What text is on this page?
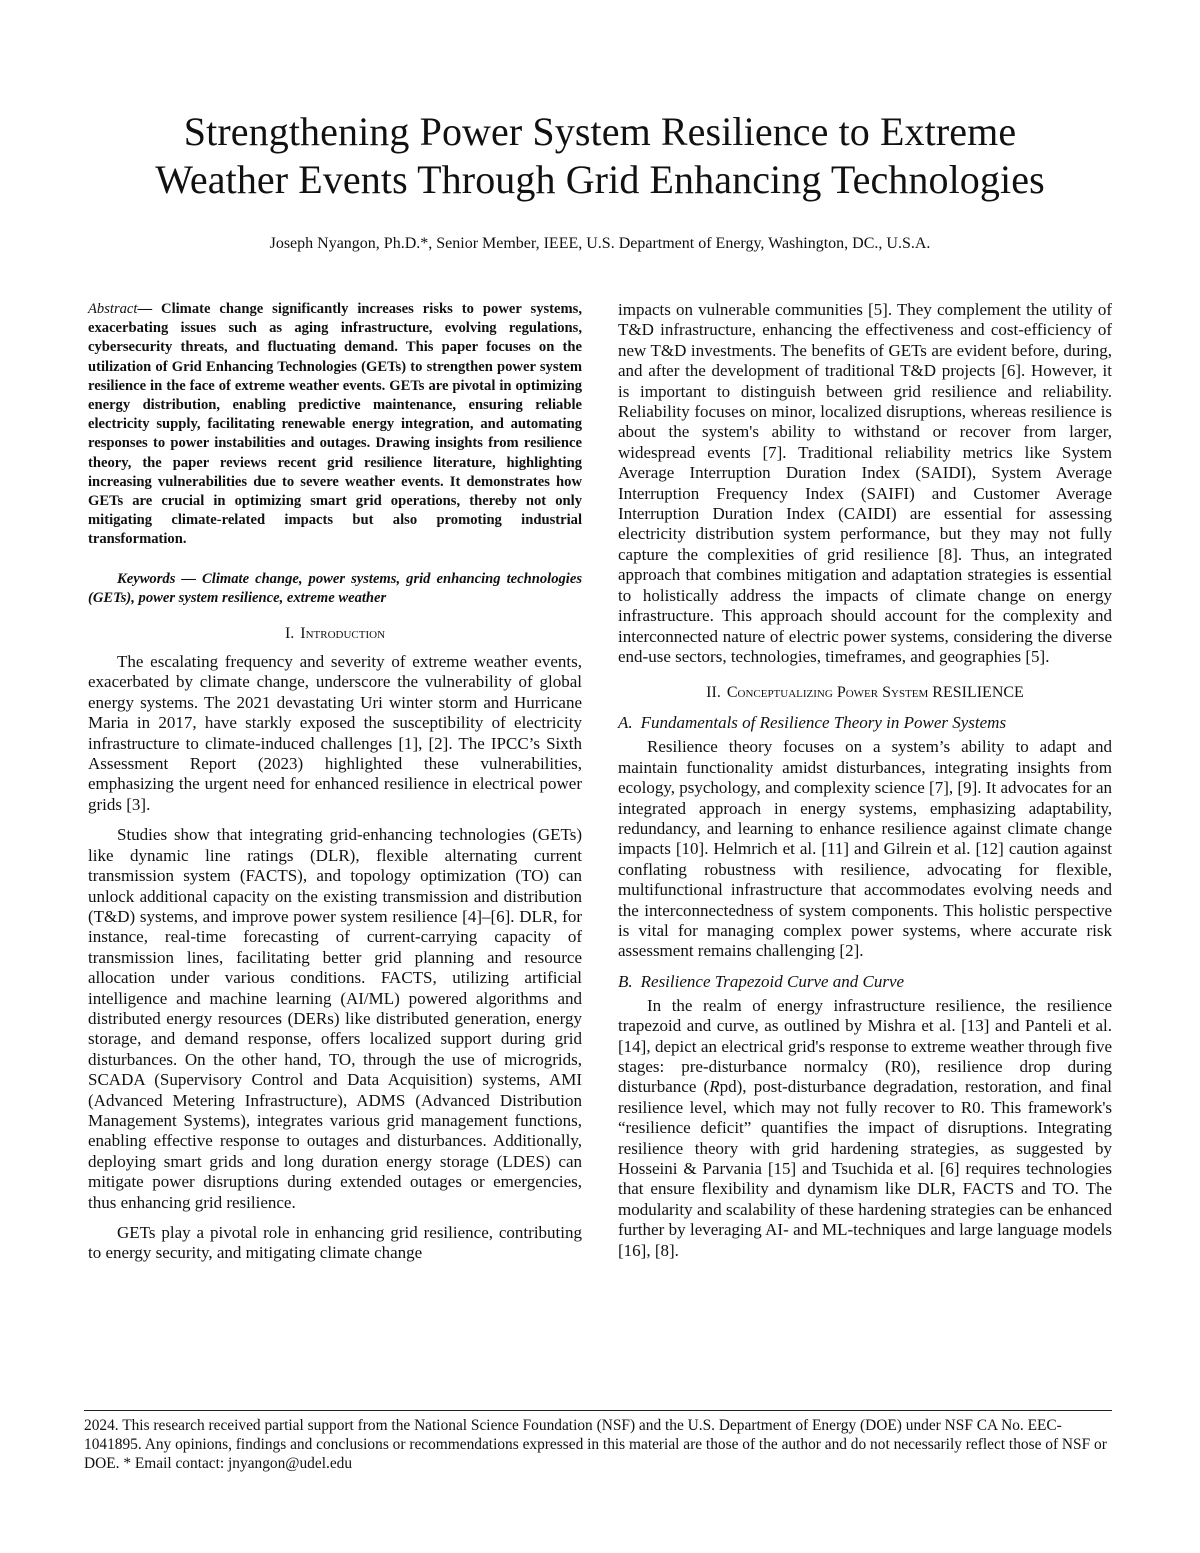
Strengthening Power System Resilience to Extreme
Weather Events Through Grid Enhancing Technologies
Joseph Nyangon, Ph.D.*, Senior Member, IEEE, U.S. Department of Energy, Washington, DC., U.S.A.

Abstract— Climate change significantly increases risks to power systems, exacerbating issues such as aging infrastructure, evolving regulations, cybersecurity threats, and fluctuating demand. This paper focuses on the utilization of Grid Enhancing Technologies (GETs) to strengthen power system resilience in the face of extreme weather events. GETs are pivotal in optimizing energy distribution, enabling predictive maintenance, ensuring reliable electricity supply, facilitating renewable energy integration, and automating responses to power instabilities and outages. Drawing insights from resilience theory, the paper reviews recent grid resilience literature, highlighting increasing vulnerabilities due to severe weather events. It demonstrates how GETs are crucial in optimizing smart grid operations, thereby not only mitigating climate-related impacts but also promoting industrial transformation.

Keywords — Climate change, power systems, grid enhancing technologies (GETs), power system resilience, extreme weather

I. Introduction

The escalating frequency and severity of extreme weather events, exacerbated by climate change, underscore the vulnerability of global energy systems. The 2021 devastating Uri winter storm and Hurricane Maria in 2017, have starkly exposed the susceptibility of electricity infrastructure to climate-induced challenges [1], [2]. The IPCC’s Sixth Assessment Report (2023) highlighted these vulnerabilities, emphasizing the urgent need for enhanced resilience in electrical power grids [3].

Studies show that integrating grid-enhancing technologies (GETs) like dynamic line ratings (DLR), flexible alternating current transmission system (FACTS), and topology optimization (TO) can unlock additional capacity on the existing transmission and distribution (T&D) systems, and improve power system resilience [4]–[6]. DLR, for instance, real-time forecasting of current-carrying capacity of transmission lines, facilitating better grid planning and resource allocation under various conditions. FACTS, utilizing artificial intelligence and machine learning (AI/ML) powered algorithms and distributed energy resources (DERs) like distributed generation, energy storage, and demand response, offers localized support during grid disturbances. On the other hand, TO, through the use of microgrids, SCADA (Supervisory Control and Data Acquisition) systems, AMI (Advanced Metering Infrastructure), ADMS (Advanced Distribution Management Systems), integrates various grid management functions, enabling effective response to outages and disturbances. Additionally, deploying smart grids and long duration energy storage (LDES) can mitigate power disruptions during extended outages or emergencies, thus enhancing grid resilience.

GETs play a pivotal role in enhancing grid resilience, contributing to energy security, and mitigating climate change

impacts on vulnerable communities [5]. They complement the utility of T&D infrastructure, enhancing the effectiveness and cost-efficiency of new T&D investments. The benefits of GETs are evident before, during, and after the development of traditional T&D projects [6]. However, it is important to distinguish between grid resilience and reliability. Reliability focuses on minor, localized disruptions, whereas resilience is about the system's ability to withstand or recover from larger, widespread events [7]. Traditional reliability metrics like System Average Interruption Duration Index (SAIDI), System Average Interruption Frequency Index (SAIFI) and Customer Average Interruption Duration Index (CAIDI) are essential for assessing electricity distribution system performance, but they may not fully capture the complexities of grid resilience [8]. Thus, an integrated approach that combines mitigation and adaptation strategies is essential to holistically address the impacts of climate change on energy infrastructure. This approach should account for the complexity and interconnected nature of electric power systems, considering the diverse end-use sectors, technologies, timeframes, and geographies [5].

II. Conceptualizing Power System RESILIENCE
A. Fundamentals of Resilience Theory in Power Systems

Resilience theory focuses on a system’s ability to adapt and maintain functionality amidst disturbances, integrating insights from ecology, psychology, and complexity science [7], [9]. It advocates for an integrated approach in energy systems, emphasizing adaptability, redundancy, and learning to enhance resilience against climate change impacts [10]. Helmrich et al. [11] and Gilrein et al. [12] caution against conflating robustness with resilience, advocating for flexible, multifunctional infrastructure that accommodates evolving needs and the interconnectedness of system components. This holistic perspective is vital for managing complex power systems, where accurate risk assessment remains challenging [2].

B. Resilience Trapezoid Curve and Curve

In the realm of energy infrastructure resilience, the resilience trapezoid and curve, as outlined by Mishra et al. [13] and Panteli et al. [14], depict an electrical grid's response to extreme weather through five stages: pre-disturbance normalcy (R0), resilience drop during disturbance (Rpd), post-disturbance degradation, restoration, and final resilience level, which may not fully recover to R0. This framework's “resilience deficit” quantifies the impact of disruptions. Integrating resilience theory with grid hardening strategies, as suggested by Hosseini & Parvania [15] and Tsuchida et al. [6] requires technologies that ensure flexibility and dynamism like DLR, FACTS and TO. The modularity and scalability of these hardening strategies can be enhanced further by leveraging AI- and ML-techniques and large language models [16], [8].

2024. This research received partial support from the National Science Foundation (NSF) and the U.S. Department of Energy (DOE) under NSF CA No. EEC-1041895. Any opinions, findings and conclusions or recommendations expressed in this material are those of the author and do not necessarily reflect those of NSF or DOE. * Email contact: jnyangon@udel.edu
